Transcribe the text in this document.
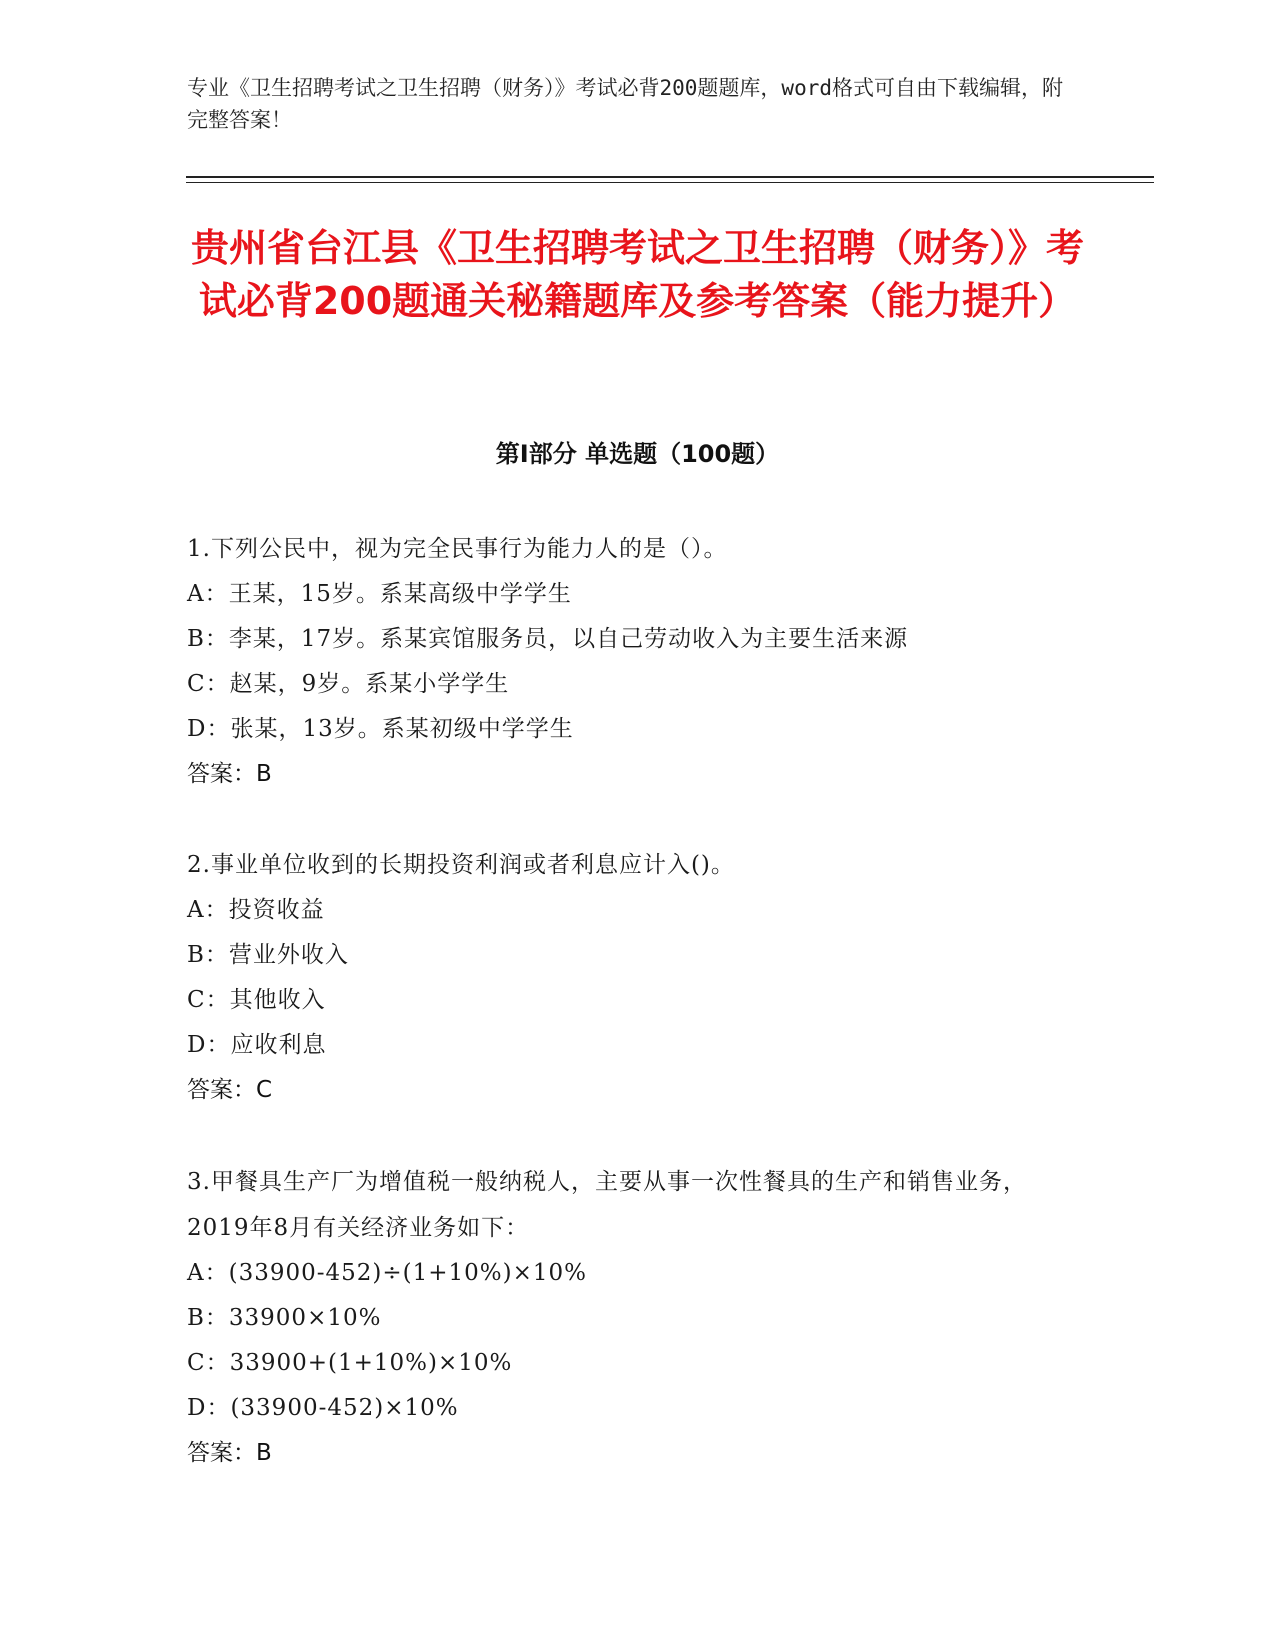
专业《卫生招聘考试之卫生招聘（财务）》考试必背200题题库，word格式可自由下载编辑，附完整答案！
贵州省台江县《卫生招聘考试之卫生招聘（财务）》考试必背200题通关秘籍题库及参考答案（能力提升）
第I部分 单选题（100题）
1.下列公民中，视为完全民事行为能力人的是（）。
A：王某，15岁。系某高级中学学生
B：李某，17岁。系某宾馆服务员，以自己劳动收入为主要生活来源
C：赵某，9岁。系某小学学生
D：张某，13岁。系某初级中学学生
答案：B
2.事业单位收到的长期投资利润或者利息应计入()。
A：投资收益
B：营业外收入
C：其他收入
D：应收利息
答案：C
3.甲餐具生产厂为增值税一般纳税人，主要从事一次性餐具的生产和销售业务，2019年8月有关经济业务如下：
A：(33900-452)÷(1+10%)×10%
B：33900×10%
C：33900+(1+10%)×10%
D：(33900-452)×10%
答案：B
